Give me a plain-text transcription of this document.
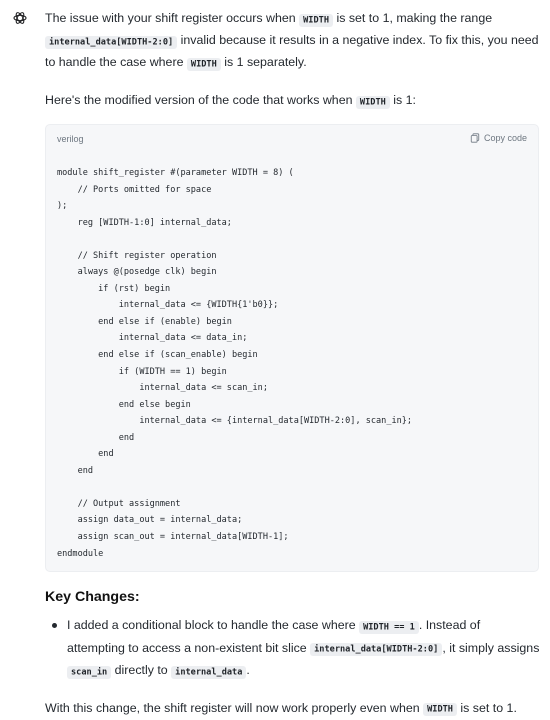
The issue with your shift register occurs when WIDTH is set to 1, making the range internal_data[WIDTH-2:0] invalid because it results in a negative index. To fix this, you need to handle the case where WIDTH is 1 separately.

Here's the modified version of the code that works when WIDTH is 1:

verilog	Copy code
module shift_register #(parameter WIDTH = 8) (
// Ports omitted for space
);
reg [WIDTH-1:0] internal_data;

// Shift register operation
always @(posedge clk) begin
if (rst) begin
internal_data <= {WIDTH{1'b0}};
end else if (enable) begin
internal_data <= data_in;
end else if (scan_enable) begin
if (WIDTH == 1) begin
internal_data <= scan_in;
end else begin
internal_data <= {internal_data[WIDTH-2:0], scan_in};
end
end
end

// Output assignment
assign data_out = internal_data;
assign scan_out = internal_data[WIDTH-1];
endmodule
Key Changes:
I added a conditional block to handle the case where WIDTH == 1 . Instead of attempting to access a non-existent bit slice internal_data[WIDTH-2:0] , it simply assigns scan_in directly to internal_data .

With this change, the shift register will now work properly even when WIDTH is set to 1.
